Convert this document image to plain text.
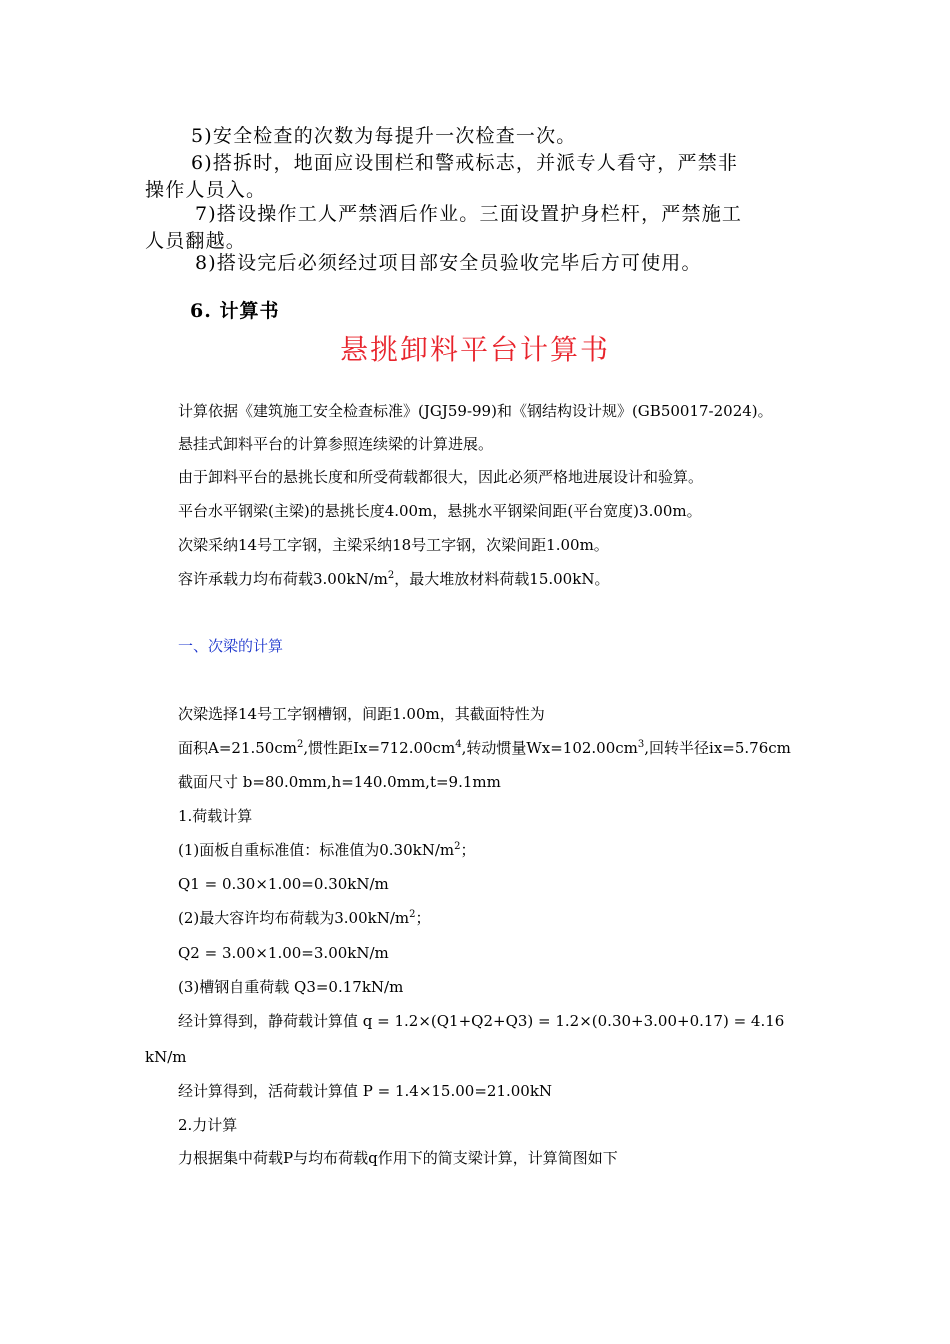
5)安全检查的次数为每提升一次检查一次。
6)搭拆时，地面应设围栏和警戒标志，并派专人看守，严禁非
操作人员入。
7)搭设操作工人严禁酒后作业。三面设置护身栏杆，严禁施工
人员翻越。
8)搭设完后必须经过项目部安全员验收完毕后方可使用。
6. 计算书
悬挑卸料平台计算书
计算依据《建筑施工安全检查标准》(JGJ59-99)和《钢结构设计规》(GB50017-2024)。
悬挂式卸料平台的计算参照连续梁的计算进展。
由于卸料平台的悬挑长度和所受荷载都很大，因此必须严格地进展设计和验算。
平台水平钢梁(主梁)的悬挑长度4.00m，悬挑水平钢梁间距(平台宽度)3.00m。
次梁采纳14号工字钢，主梁采纳18号工字钢，次梁间距1.00m。
容许承载力均布荷载$3.00kN/m^2$，最大堆放材料荷载15.00kN。
一、次梁的计算
次梁选择14号工字钢槽钢，间距1.00m，其截面特性为
面积$A=21.50cm^2$,惯性距$Ix=712.00cm^4$,转动惯量$Wx=102.00cm^3$,回转半径ix=5.76cm
截面尺寸 b=80.0mm,h=140.0mm,t=9.1mm
1.荷载计算
(1)面板自重标准值：标准值为$0.30kN/m^2$；
Q1 = 0.30×1.00=0.30kN/m
(2)最大容许均布荷载为$3.00kN/m^2$；
Q2 = 3.00×1.00=3.00kN/m
(3)槽钢自重荷载 Q3=0.17kN/m
经计算得到，静荷载计算值 q = 1.2×(Q1+Q2+Q3) = 1.2×(0.30+3.00+0.17) = 4.16
kN/m
经计算得到，活荷载计算值 P = 1.4×15.00=21.00kN
2.力计算
力根据集中荷载P与均布荷载q作用下的简支梁计算，计算简图如下
